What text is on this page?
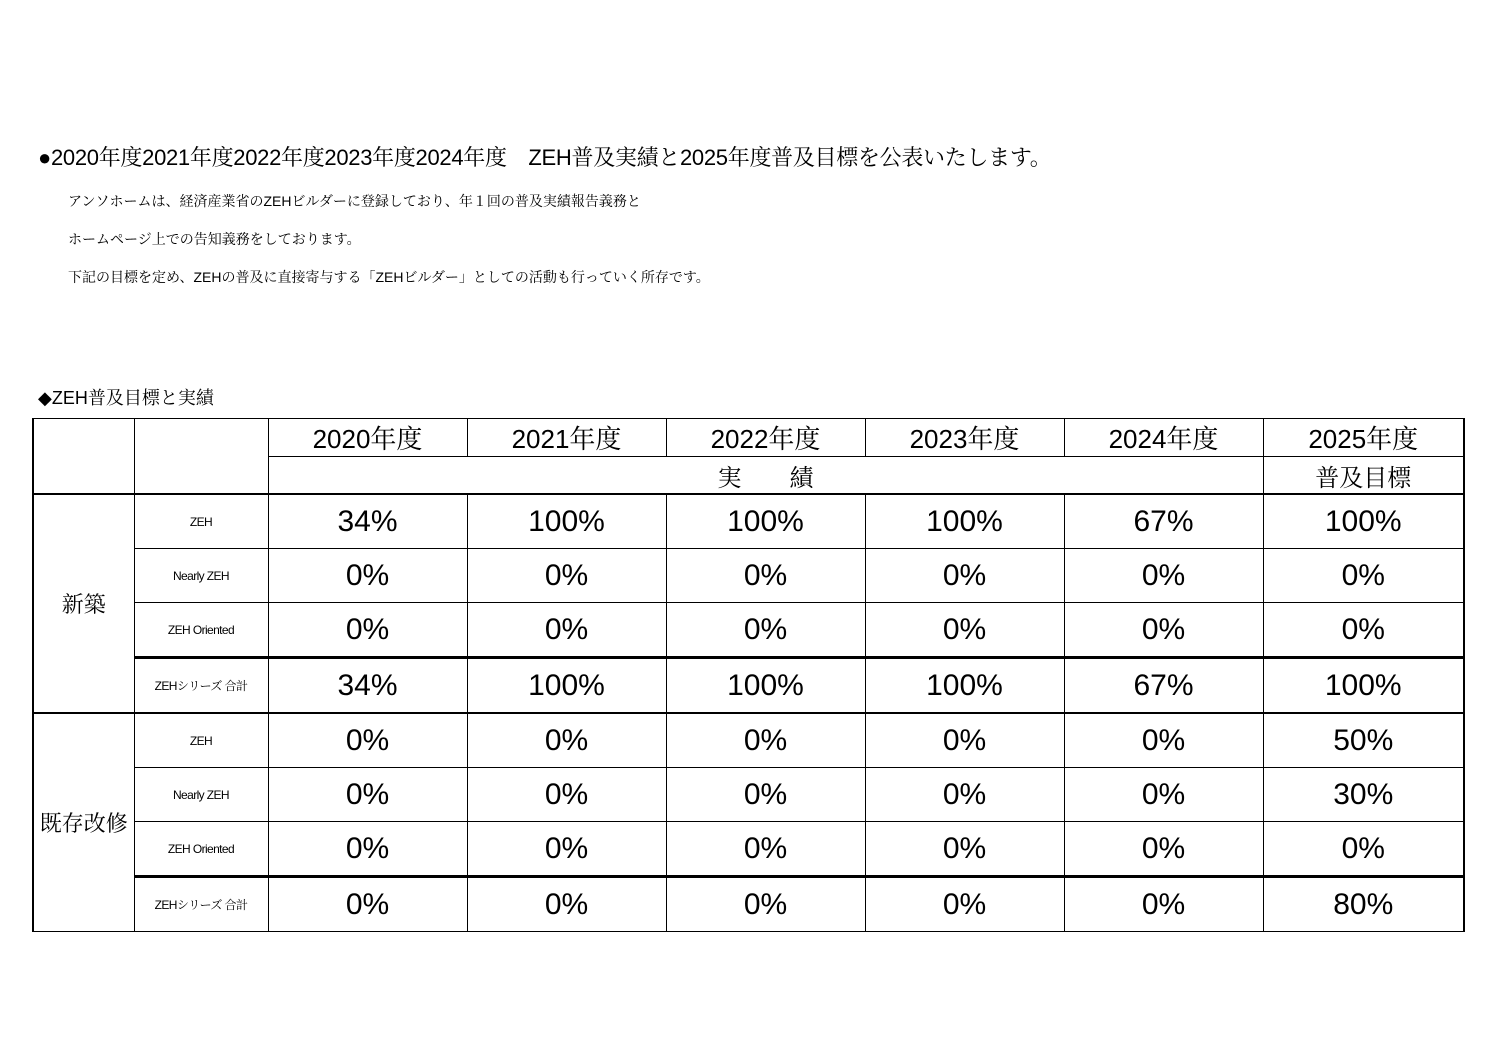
●2020年度2021年度2022年度2023年度2024年度　ZEH普及実績と2025年度普及目標を公表いたします。
アンソホームは、経済産業省のZEHビルダーに登録しており、年１回の普及実績報告義務と
ホームページ上での告知義務をしております。
下記の目標を定め、ZEHの普及に直接寄与する「ZEHビルダー」としての活動も行っていく所存です。
◆ZEH普及目標と実績
		2020年度	2021年度	2022年度	2023年度	2024年度	2025年度
		実　　績					普及目標
新築	ZEH	34%	100%	100%	100%	67%	100%
	Nearly ZEH	0%	0%	0%	0%	0%	0%
	ZEH Oriented	0%	0%	0%	0%	0%	0%
	ZEHシリーズ 合計	34%	100%	100%	100%	67%	100%
既存改修	ZEH	0%	0%	0%	0%	0%	50%
	Nearly ZEH	0%	0%	0%	0%	0%	30%
	ZEH Oriented	0%	0%	0%	0%	0%	0%
	ZEHシリーズ 合計	0%	0%	0%	0%	0%	80%
